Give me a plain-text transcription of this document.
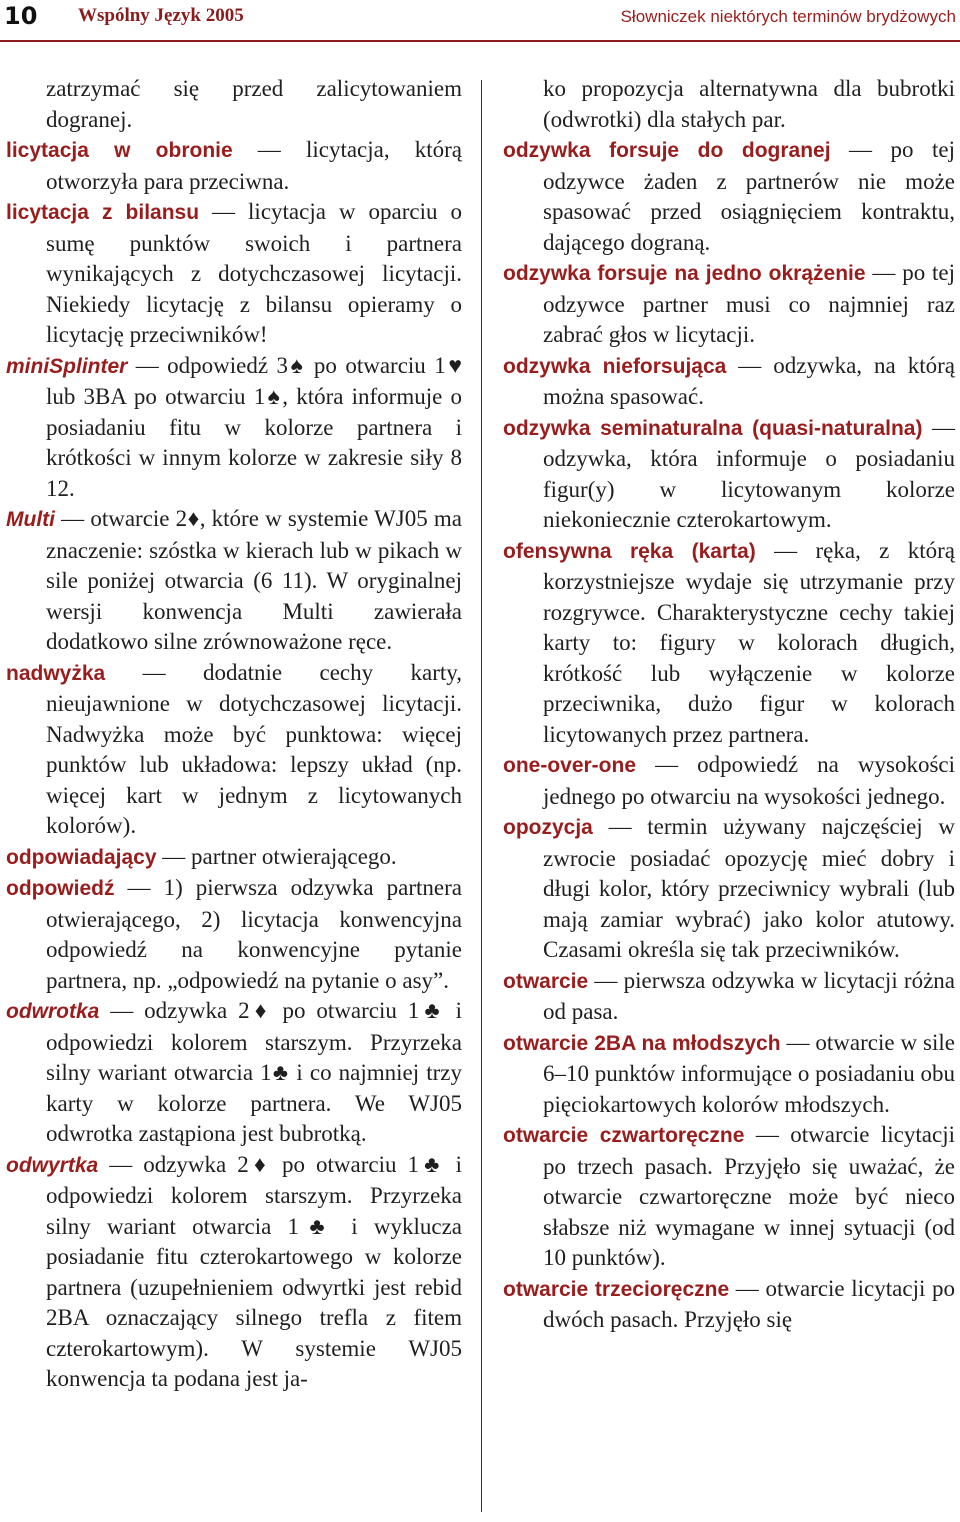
10 Wspólny Język 2005	Słowniczek niektórych terminów brydżowych

zatrzymać się przed zalicytowaniem dogranej.

licytacja w obronie — licytacja, którą otworzyła para przeciwna.

licytacja z bilansu — licytacja w oparciu o sumę punktów swoich i partnera wynikających z dotychczasowej licytacji. Niekiedy licytację z bilansu opieramy o licytację przeciwników!

miniSplinter — odpowiedź 3♠ po otwarciu 1♥ lub 3BA po otwarciu 1♠, która informuje o posiadaniu fitu w kolorze partnera i krótkości w innym kolorze w zakresie siły 8 12.

Multi — otwarcie 2♦, które w systemie WJ05 ma znaczenie: szóstka w kierach lub w pikach w sile poniżej otwarcia (6 11). W oryginalnej wersji konwencja Multi zawierała dodatkowo silne zrównoważone ręce.

nadwyżka — dodatnie cechy karty, nieujawnione w dotychczasowej licytacji. Nadwyżka może być punktowa: więcej punktów lub układowa: lepszy układ (np. więcej kart w jednym z licytowanych kolorów).

odpowiadający — partner otwierającego.

odpowiedź — 1) pierwsza odzywka partnera otwierającego, 2) licytacja konwencyjna odpowiedź na konwencyjne pytanie partnera, np. „odpowiedź na pytanie o asy”.

odwrotka — odzywka 2♦ po otwarciu 1♣ i odpowiedzi kolorem starszym. Przyrzeka silny wariant otwarcia 1♣ i co najmniej trzy karty w kolorze partnera. We WJ05 odwrotka zastąpiona jest bubrotką.

odwyrtka — odzywka 2♦ po otwarciu 1♣ i odpowiedzi kolorem starszym. Przyrzeka silny wariant otwarcia 1♣ i wyklucza posiadanie fitu czterokartowego w kolorze partnera (uzupełnieniem odwyrtki jest rebid 2BA oznaczający silnego trefla z fitem czterokartowym). W systemie WJ05 konwencja ta podana jest ja-

ko propozycja alternatywna dla bubrotki (odwrotki) dla stałych par.

odzywka forsuje do dogranej — po tej odzywce żaden z partnerów nie może spasować przed osiągnięciem kontraktu, dającego dograną.

odzywka forsuje na jedno okrążenie — po tej odzywce partner musi co najmniej raz zabrać głos w licytacji.

odzywka nieforsująca — odzywka, na którą można spasować.

odzywka seminaturalna (quasi-naturalna) — odzywka, która informuje o posiadaniu figur(y) w licytowanym kolorze niekoniecznie czterokartowym.

ofensywna ręka (karta) — ręka, z którą korzystniejsze wydaje się utrzymanie przy rozgrywce. Charakterystyczne cechy takiej karty to: figury w kolorach długich, krótkość lub wyłączenie w kolorze przeciwnika, dużo figur w kolorach licytowanych przez partnera.

one-over-one — odpowiedź na wysokości jednego po otwarciu na wysokości jednego.

opozycja — termin używany najczęściej w zwrocie posiadać opozycję mieć dobry i długi kolor, który przeciwnicy wybrali (lub mają zamiar wybrać) jako kolor atutowy. Czasami określa się tak przeciwników.

otwarcie — pierwsza odzywka w licytacji różna od pasa.

otwarcie 2BA na młodszych — otwarcie w sile 6–10 punktów informujące o posiadaniu obu pięciokartowych kolorów młodszych.

otwarcie czwartoręczne — otwarcie licytacji po trzech pasach. Przyjęło się uważać, że otwarcie czwartoręczne może być nieco słabsze niż wymagane w innej sytuacji (od 10 punktów).

otwarcie trzecioręczne — otwarcie licytacji po dwóch pasach. Przyjęło się
